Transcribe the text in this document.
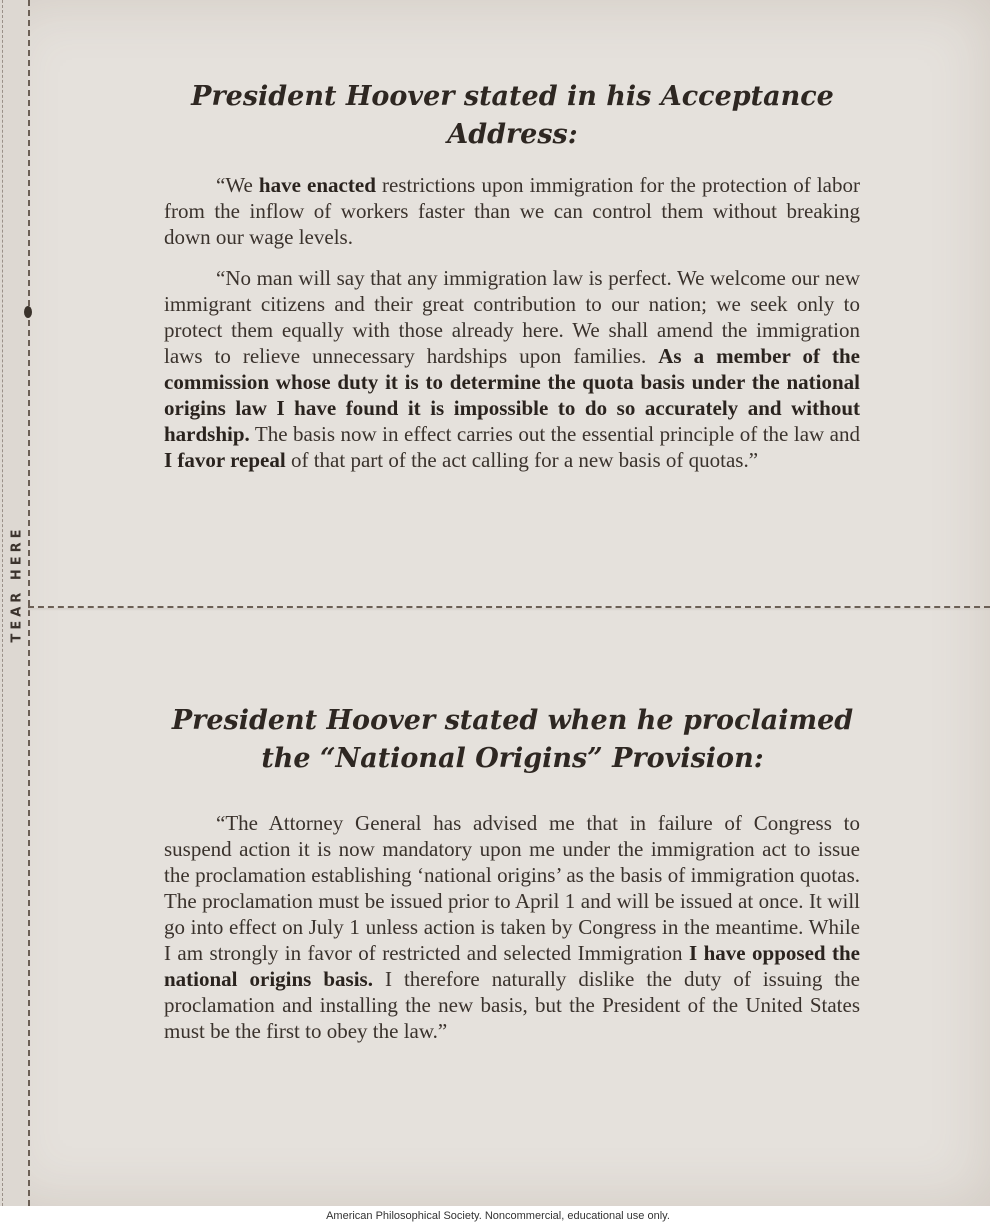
TEAR HERE
President Hoover stated in his Acceptance Address:

“We have enacted restrictions upon immigration for the protection of labor from the inflow of workers faster than we can control them without breaking down our wage levels.

“No man will say that any immigration law is perfect. We welcome our new immigrant citizens and their great contribution to our nation; we seek only to protect them equally with those already here. We shall amend the immigration laws to relieve unnecessary hardships upon families. As a member of the commission whose duty it is to determine the quota basis under the national origins law I have found it is impossible to do so accurately and without hardship. The basis now in effect carries out the essential principle of the law and I favor repeal of that part of the act calling for a new basis of quotas.”

President Hoover stated when he proclaimed the “National Origins” Provision:

“The Attorney General has advised me that in failure of Congress to suspend action it is now mandatory upon me under the immigration act to issue the proclamation establishing ‘national origins’ as the basis of immigration quotas. The proclamation must be issued prior to April 1 and will be issued at once. It will go into effect on July 1 unless action is taken by Congress in the meantime. While I am strongly in favor of restricted and selected Immigration I have opposed the national origins basis. I therefore naturally dislike the duty of issuing the proclamation and installing the new basis, but the President of the United States must be the first to obey the law.”

American Philosophical Society. Noncommercial, educational use only.
